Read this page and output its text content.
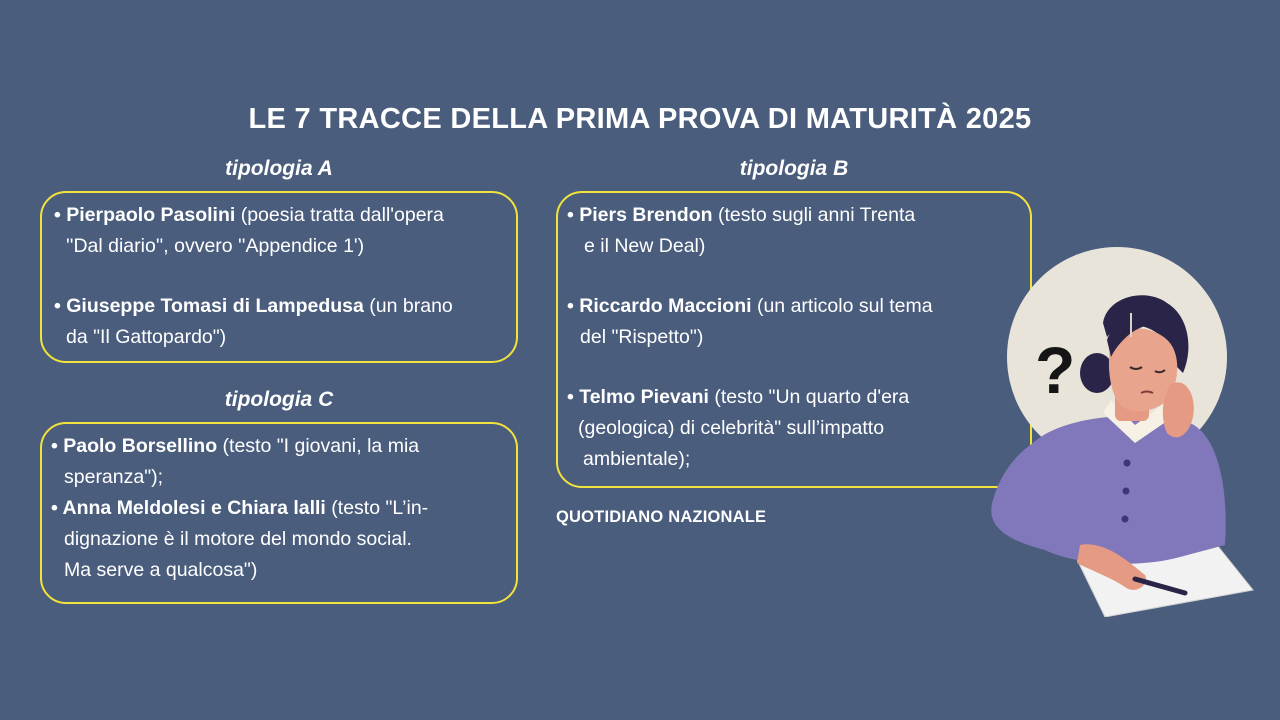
LE 7 TRACCE DELLA PRIMA PROVA DI MATURITÀ 2025
tipologia A
• Pierpaolo Pasolini (poesia tratta dall'opera
''Dal diario'', ovvero ''Appendice 1')
• Giuseppe Tomasi di Lampedusa (un brano
da "Il Gattopardo")
tipologia C
• Paolo Borsellino (testo "I giovani, la mia
speranza");
• Anna Meldolesi e Chiara lalli (testo "L’in-
dignazione è il motore del mondo social.
Ma serve a qualcosa")
tipologia B
?
• Piers Brendon (testo sugli anni Trenta
e il New Deal)
• Riccardo Maccioni (un articolo sul tema
del "Rispetto")
• Telmo Pievani (testo "Un quarto d'era
(geologica) di celebrità" sull’impatto
ambientale);
QUOTIDIANO NAZIONALE
